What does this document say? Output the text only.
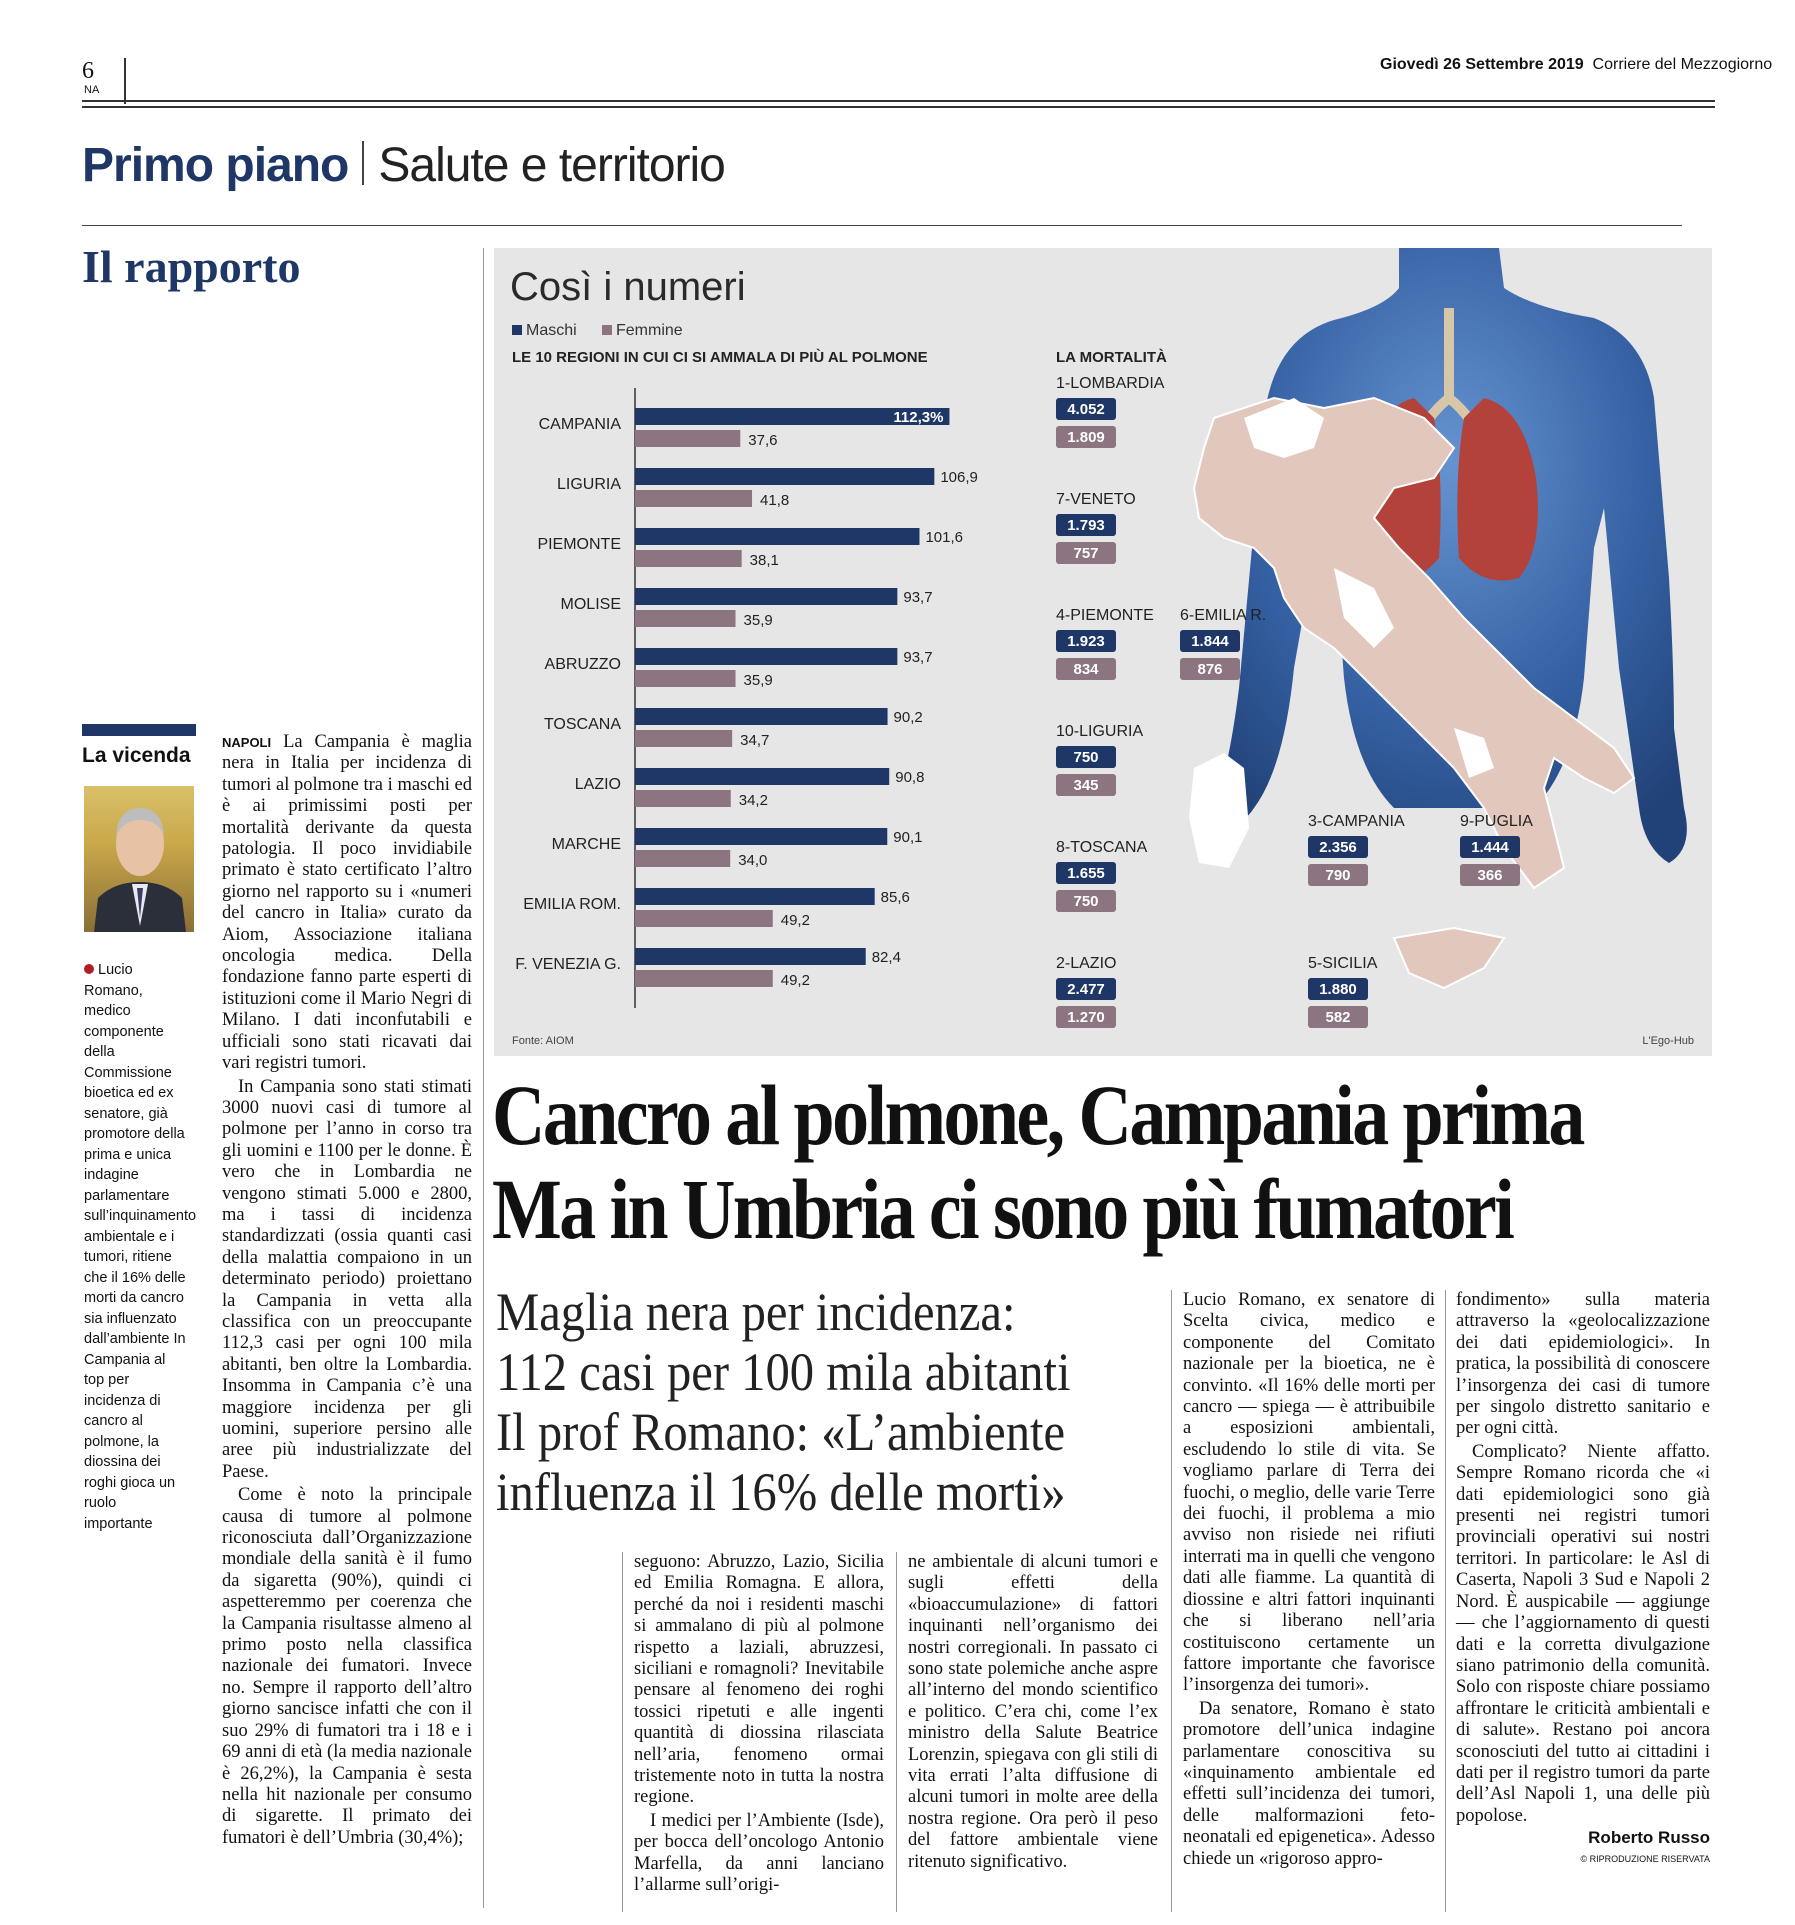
6
NA
Giovedì 26 Settembre 2019 Corriere del Mezzogiorno
Primo piano Salute e territorio
Il rapporto
CAMPANIA	112,3%
37,6
LIGURIA	106,9
41,8
PIEMONTE	101,6
38,1
MOLISE	93,7
35,9
ABRUZZO	93,7
35,9
TOSCANA	90,2
34,7
LAZIO	90,8
34,2
MARCHE	90,1
34,0
EMILIA ROM.	85,6
49,2
F. VENEZIA G.	82,4
49,2
LA MORTALITÀ
1-LOMBARDIA
4.052
1.809
7-VENETO
1.793
757
4-PIEMONTE
1.923
834
6-EMILIA R.
1.844
876
10-LIGURIA
750
345
8-TOSCANA
1.655
750
3-CAMPANIA
2.356
790
9-PUGLIA
1.444
366
2-LAZIO
2.477
1.270
5-SICILIA
1.880
582
Così i numeri
Maschi Femmine
LE 10 REGIONI IN CUI CI SI AMMALA DI PIÙ AL POLMONE
Fonte: AIOM	L'Ego-Hub
Cancro al polmone, Campania prima
Ma in Umbria ci sono più fumatori
Maglia nera per incidenza:
112 casi per 100 mila abitanti
Il prof Romano: «L’ambiente
influenza il 16% delle morti»
La vicenda
Lucio Romano, medico componente della Commissione bioetica ed ex senatore, già promotore della prima e unica indagine parlamentare sull’inquinamento ambientale e i tumori, ritiene che il 16% delle morti da cancro sia influenzato dall’ambiente In Campania al top per incidenza di cancro al polmone, la diossina dei roghi gioca un ruolo importante

NAPOLI La Campania è maglia nera in Italia per incidenza di tumori al polmone tra i maschi ed è ai primissimi posti per mortalità derivante da questa patologia. Il poco invidiabile primato è stato certificato l’altro giorno nel rapporto su i «numeri del cancro in Italia» curato da Aiom, Associazione italiana oncologia medica. Della fondazione fanno parte esperti di istituzioni come il Mario Negri di Milano. I dati inconfutabili e ufficiali sono stati ricavati dai vari registri tumori.

In Campania sono stati stimati 3000 nuovi casi di tumore al polmone per l’anno in corso tra gli uomini e 1100 per le donne. È vero che in Lombardia ne vengono stimati 5.000 e 2800, ma i tassi di incidenza standardizzati (ossia quanti casi della malattia compaiono in un determinato periodo) proiettano la Campania in vetta alla classifica con un preoccupante 112,3 casi per ogni 100 mila abitanti, ben oltre la Lombardia. Insomma in Campania c’è una maggiore incidenza per gli uomini, superiore persino alle aree più industrializzate del Paese.

Come è noto la principale causa di tumore al polmone riconosciuta dall’Organizzazione mondiale della sanità è il fumo da sigaretta (90%), quindi ci aspetteremmo per coerenza che la Campania risultasse almeno al primo posto nella classifica nazionale dei fumatori. Invece no. Sempre il rapporto dell’altro giorno sancisce infatti che con il suo 29% di fumatori tra i 18 e i 69 anni di età (la media nazionale è 26,2%), la Campania è sesta nella hit nazionale per consumo di sigarette. Il primato dei fumatori è dell’Umbria (30,4%);

seguono: Abruzzo, Lazio, Sicilia ed Emilia Romagna. E allora, perché da noi i residenti maschi si ammalano di più al polmone rispetto a laziali, abruzzesi, siciliani e romagnoli? Inevitabile pensare al fenomeno dei roghi tossici ripetuti e alle ingenti quantità di diossina rilasciata nell’aria, fenomeno ormai tristemente noto in tutta la nostra regione.

I medici per l’Ambiente (Isde), per bocca dell’oncologo Antonio Marfella, da anni lanciano l’allarme sull’origi-

ne ambientale di alcuni tumori e sugli effetti della «bioaccumulazione» di fattori inquinanti nell’organismo dei nostri corregionali. In passato ci sono state polemiche anche aspre all’interno del mondo scientifico e politico. C’era chi, come l’ex ministro della Salute Beatrice Lorenzin, spiegava con gli stili di vita errati l’alta diffusione di alcuni tumori in molte aree della nostra regione. Ora però il peso del fattore ambientale viene ritenuto significativo.

Lucio Romano, ex senatore di Scelta civica, medico e componente del Comitato nazionale per la bioetica, ne è convinto. «Il 16% delle morti per cancro — spiega — è attribuibile a esposizioni ambientali, escludendo lo stile di vita. Se vogliamo parlare di Terra dei fuochi, o meglio, delle varie Terre dei fuochi, il problema a mio avviso non risiede nei rifiuti interrati ma in quelli che vengono dati alle fiamme. La quantità di diossine e altri fattori inquinanti che si liberano nell’aria costituiscono certamente un fattore importante che favorisce l’insorgenza dei tumori».

Da senatore, Romano è stato promotore dell’unica indagine parlamentare conoscitiva su «inquinamento ambientale ed effetti sull’incidenza dei tumori, delle malformazioni feto-neonatali ed epigenetica». Adesso chiede un «rigoroso appro-

fondimento» sulla materia attraverso la «geolocalizzazione dei dati epidemiologici». In pratica, la possibilità di conoscere l’insorgenza dei casi di tumore per singolo distretto sanitario e per ogni città.

Complicato? Niente affatto. Sempre Romano ricorda che «i dati epidemiologici sono già presenti nei registri tumori provinciali operativi sui nostri territori. In particolare: le Asl di Caserta, Napoli 3 Sud e Napoli 2 Nord. È auspicabile — aggiunge — che l’aggiornamento di questi dati e la corretta divulgazione siano patrimonio della comunità. Solo con risposte chiare possiamo affrontare le criticità ambientali e di salute». Restano poi ancora sconosciuti del tutto ai cittadini i dati per il registro tumori da parte dell’Asl Napoli 1, una delle più popolose.

Roberto Russo
© RIPRODUZIONE RISERVATA
